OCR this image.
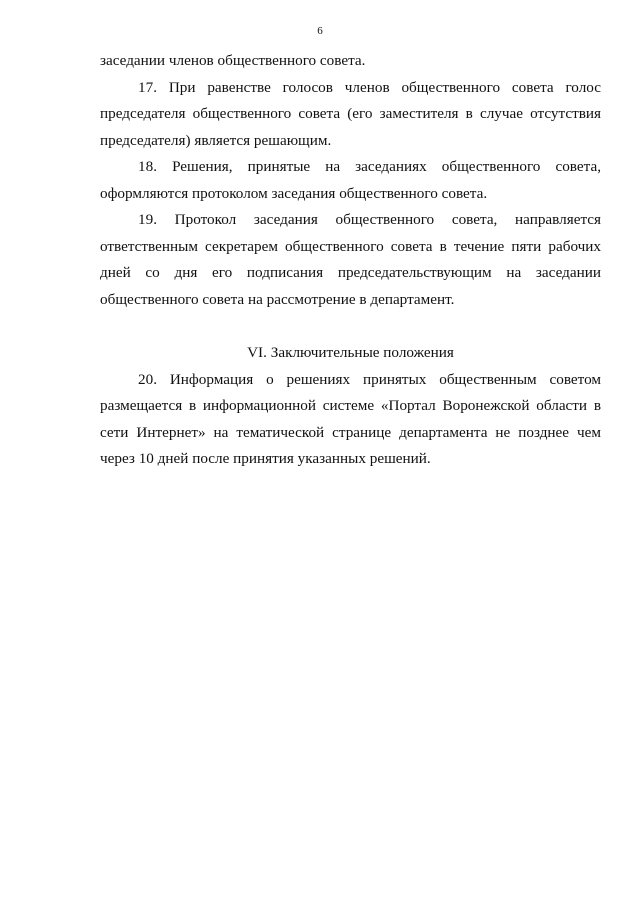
6

заседании членов общественного совета.

17. При равенстве голосов членов общественного совета голос председателя общественного совета (его заместителя в случае отсутствия председателя) является решающим.

18. Решения, принятые на заседаниях общественного совета, оформляются протоколом заседания общественного совета.

19. Протокол заседания общественного совета, направляется ответственным секретарем общественного совета в течение пяти рабочих дней со дня его подписания председательствующим на заседании общественного совета на рассмотрение в департамент.

VI. Заключительные положения

20. Информация о решениях принятых общественным советом размещается в информационной системе «Портал Воронежской области в сети Интернет» на тематической странице департамента не позднее чем через 10 дней после принятия указанных решений.
